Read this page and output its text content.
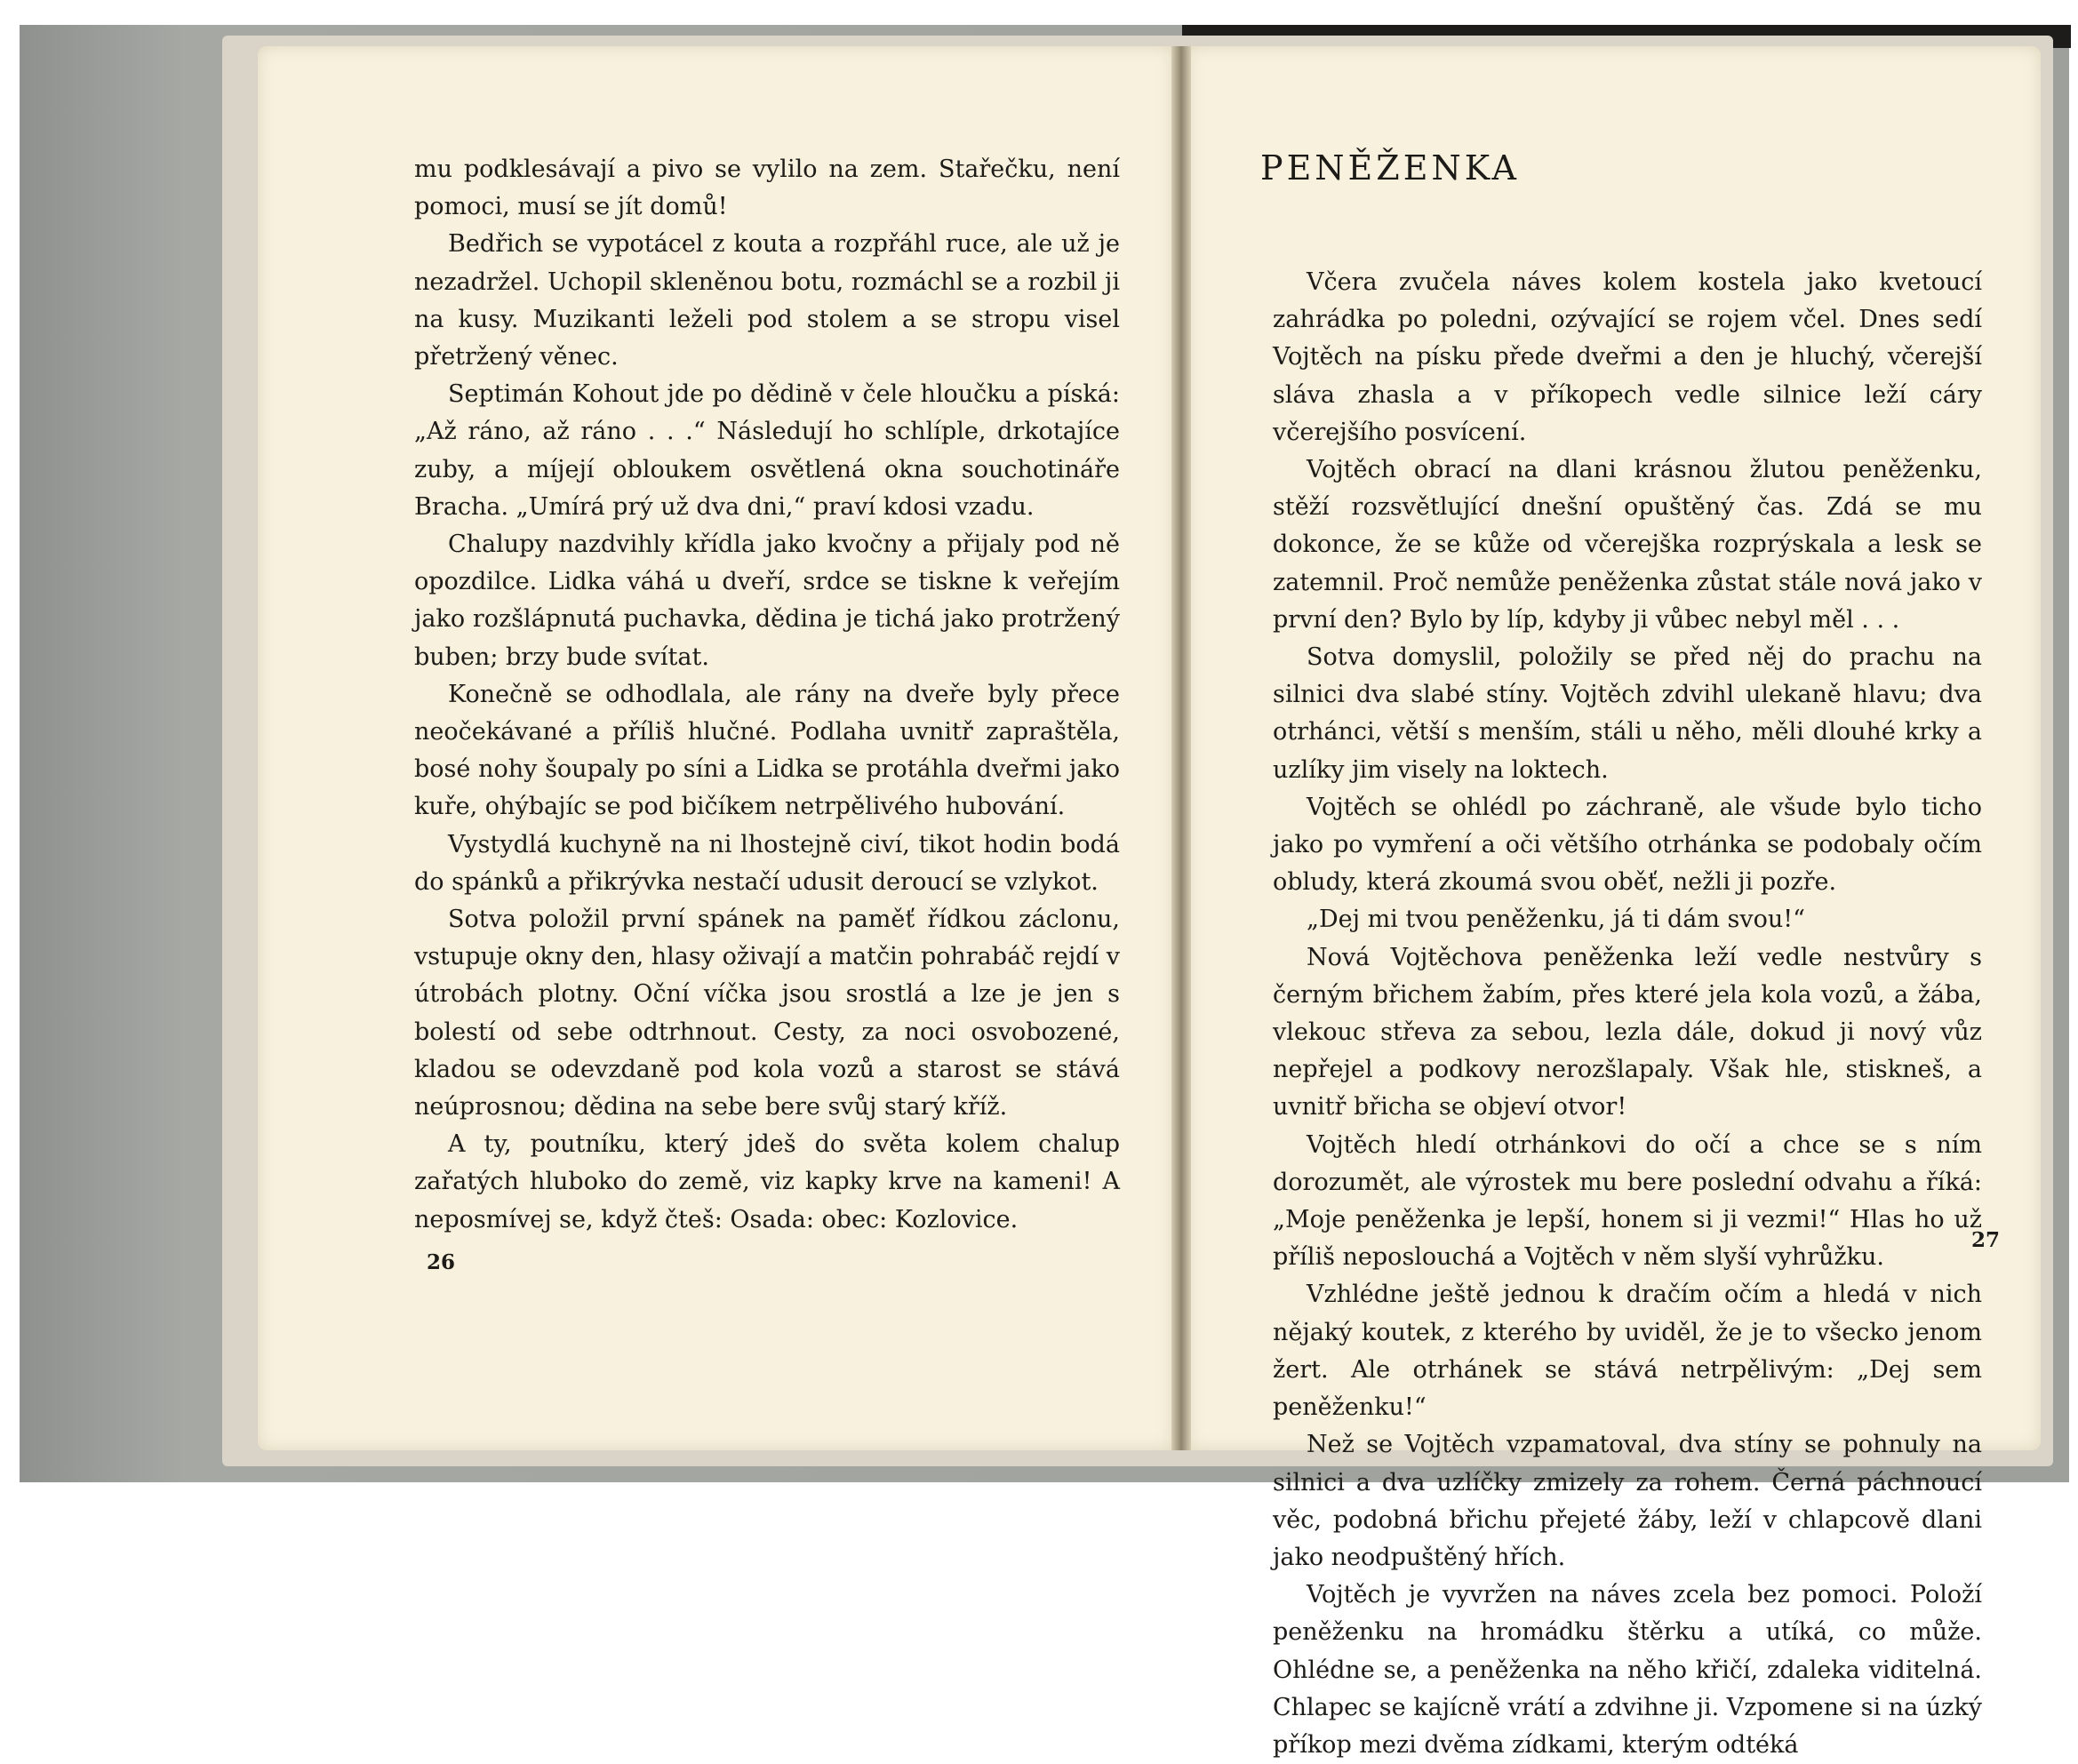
mu podklesávají a pivo se vylilo na zem. Stařečku, není pomoci, musí se jít domů!

Bedřich se vypotácel z kouta a rozpřáhl ruce, ale už je nezadržel. Uchopil skleněnou botu, rozmáchl se a rozbil ji na kusy. Muzikanti leželi pod stolem a se stropu visel přetržený věnec.

Septimán Kohout jde po dědině v čele hloučku a píská: „Až ráno, až ráno . . .“ Následují ho schlíple, drkotajíce zuby, a míjejí obloukem osvětlená okna souchotináře Bracha. „Umírá prý už dva dni,“ praví kdosi vzadu.

Chalupy nazdvihly křídla jako kvočny a přijaly pod ně opozdilce. Lidka váhá u dveří, srdce se tiskne k veřejím jako rozšlápnutá puchavka, dědina je tichá jako protržený buben; brzy bude svítat.

Konečně se odhodlala, ale rány na dveře byly přece neočekávané a příliš hlučné. Podlaha uvnitř zapraštěla, bosé nohy šoupaly po síni a Lidka se protáhla dveřmi jako kuře, ohýbajíc se pod bičíkem netrpělivého hubování.

Vystydlá kuchyně na ni lhostejně civí, tikot hodin bodá do spánků a přikrývka nestačí udusit deroucí se vzlykot.

Sotva položil první spánek na paměť řídkou záclonu, vstupuje okny den, hlasy oživají a matčin pohrabáč rejdí v útrobách plotny. Oční víčka jsou srostlá a lze je jen s bolestí od sebe odtrhnout. Cesty, za noci osvobozené, kladou se odevzdaně pod kola vozů a starost se stává neúprosnou; dědina na sebe bere svůj starý kříž.

A ty, poutníku, který jdeš do světa kolem chalup zařatých hluboko do země, viz kapky krve na kameni! A neposmívej se, když čteš: Osada: obec: Kozlovice.

26
PENĚŽENKA

Včera zvučela náves kolem kostela jako kvetoucí zahrádka po poledni, ozývající se rojem včel. Dnes sedí Vojtěch na písku přede dveřmi a den je hluchý, včerejší sláva zhasla a v příkopech vedle silnice leží cáry včerejšího posvícení.

Vojtěch obrací na dlani krásnou žlutou peněženku, stěží rozsvětlující dnešní opuštěný čas. Zdá se mu dokonce, že se kůže od včerejška rozprýskala a lesk se zatemnil. Proč nemůže peněženka zůstat stále nová jako v první den? Bylo by líp, kdyby ji vůbec nebyl měl . . .

Sotva domyslil, položily se před něj do prachu na silnici dva slabé stíny. Vojtěch zdvihl ulekaně hlavu; dva otrhánci, větší s menším, stáli u něho, měli dlouhé krky a uzlíky jim visely na loktech.

Vojtěch se ohlédl po záchraně, ale všude bylo ticho jako po vymření a oči většího otrhánka se podobaly očím obludy, která zkoumá svou oběť, nežli ji pozře.

„Dej mi tvou peněženku, já ti dám svou!“

Nová Vojtěchova peněženka leží vedle nestvůry s černým břichem žabím, přes které jela kola vozů, a žába, vlekouc střeva za sebou, lezla dále, dokud ji nový vůz nepřejel a podkovy nerozšlapaly. Však hle, stiskneš, a uvnitř břicha se objeví otvor!

Vojtěch hledí otrhánkovi do očí a chce se s ním dorozumět, ale výrostek mu bere poslední odvahu a říká: „Moje peněženka je lepší, honem si ji vezmi!“ Hlas ho už příliš neposlouchá a Vojtěch v něm slyší vyhrůžku.

Vzhlédne ještě jednou k dračím očím a hledá v nich nějaký koutek, z kterého by uviděl, že je to všecko jenom žert. Ale otrhánek se stává netrpělivým: „Dej sem peněženku!“

Než se Vojtěch vzpamatoval, dva stíny se pohnuly na silnici a dva uzlíčky zmizely za rohem. Černá páchnoucí věc, podobná břichu přejeté žáby, leží v chlapcově dlani jako neodpuštěný hřích.

Vojtěch je vyvržen na náves zcela bez pomoci. Položí peněženku na hromádku štěrku a utíká, co může. Ohlédne se, a peněženka na něho křičí, zdaleka viditelná. Chlapec se kajícně vrátí a zdvihne ji. Vzpomene si na úzký příkop mezi dvěma zídkami, kterým odtéká

27
